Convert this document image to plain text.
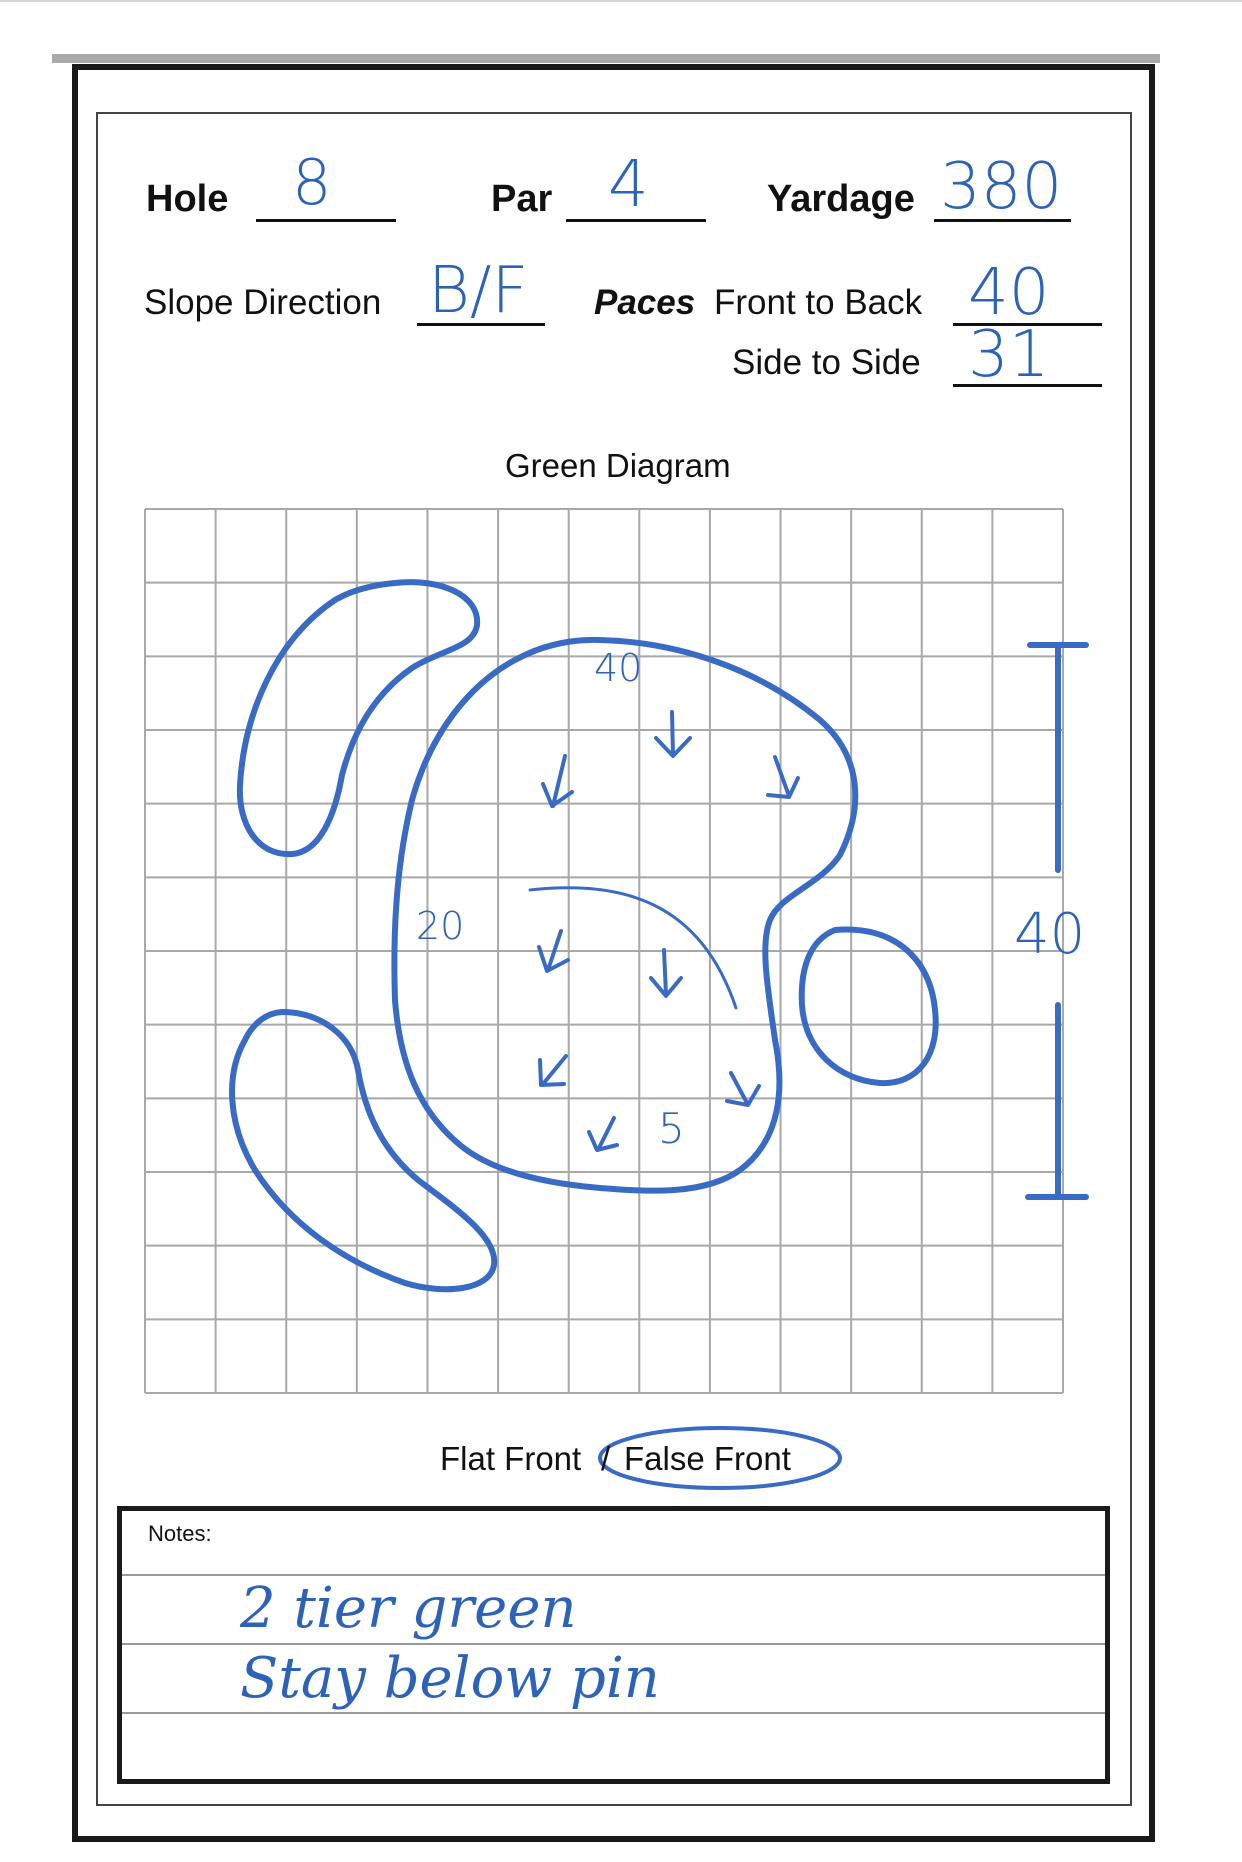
Hole 8	Par 4	Yardage 380
Slope Direction B/F Paces Front to Back 40
Side to Side 31
Green Diagram
40
20
5
40
Flat Front / False Front
Notes:
2 tier green
Stay below pin
